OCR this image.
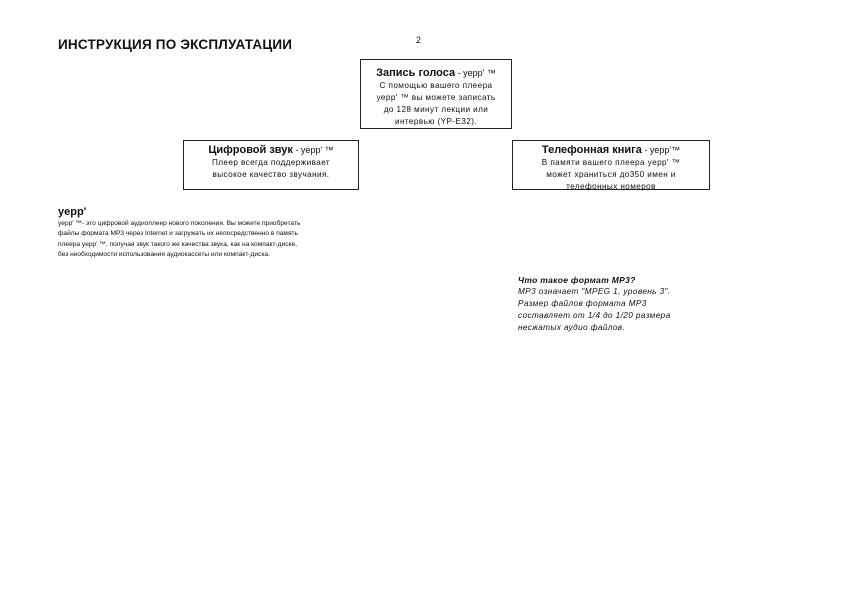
ИНСТРУКЦИЯ ПО ЭКСПЛУАТАЦИИ	2
Запись голоса - yepp' ™
С помощью вашего плеера
yepp' ™ вы можете записать
до 128 минут лекции или
интервью (YP-E32).
Цифровой звук - yepp' ™
Плеер всегда поддерживает
высокое качество звучания.
Телефонная книга - yepp'™
В памяти вашего плеера yepp' ™
может храниться до350 имен и
телефонных номеров
yepp'
yepp' ™- это цифровой аудиоплеер нового поколения. Вы можете приобретать
файлы формата MP3 через Internet и загружать их непосредственно в память
плеера yepp' ™, получая звук такого же качества звука, как на компакт-диске,
без необходимости использования аудиокассеты или компакт-диска.
Что такое формат MP3?
MP3 означает "MPEG 1, уровень 3".
Размер файлов формата MP3
составляет от 1/4 до 1/20 размера
несжатых аудио файлов.
